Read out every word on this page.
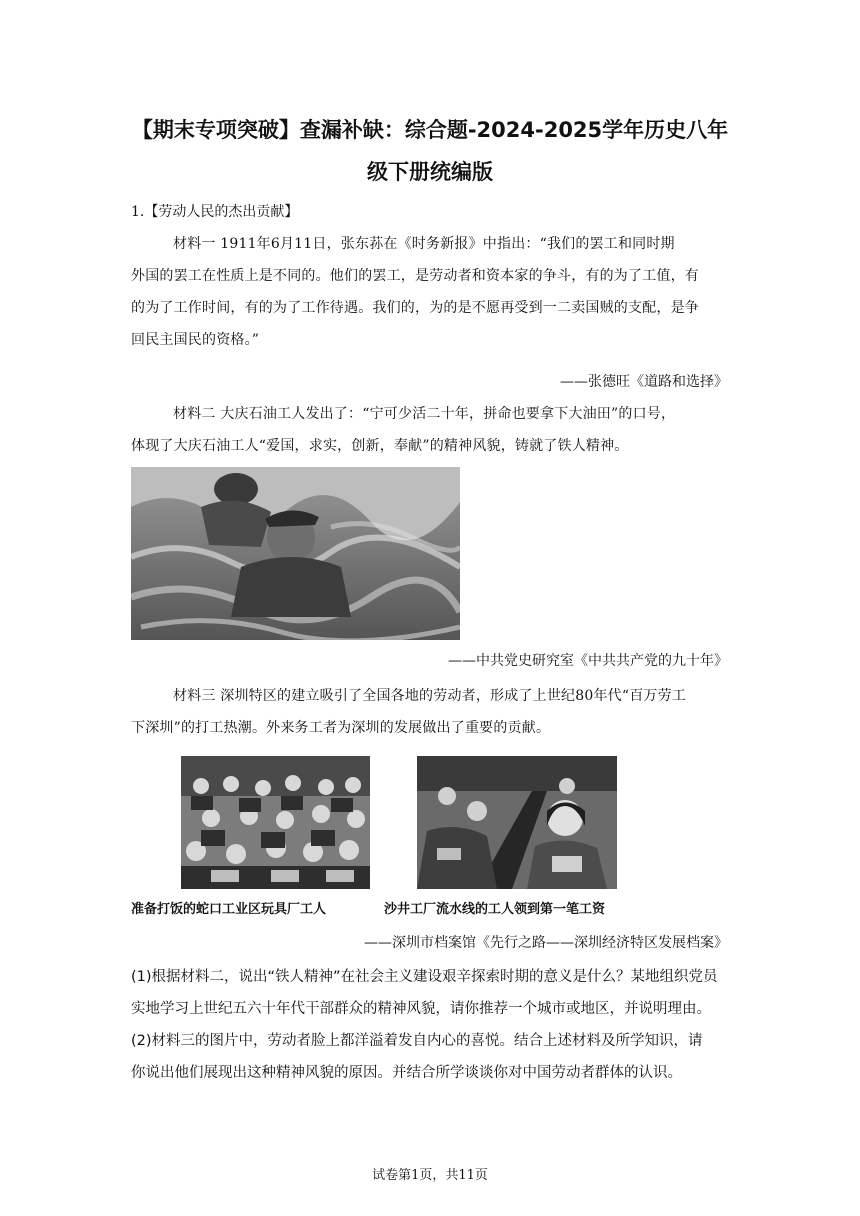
【期末专项突破】查漏补缺：综合题-2024-2025学年历史八年
级下册统编版
1.【劳动人民的杰出贡献】

材料一 1911年6月11日，张东荪在《时务新报》中指出：“我们的罢工和同时期

外国的罢工在性质上是不同的。他们的罢工，是劳动者和资本家的争斗，有的为了工值，有

的为了工作时间，有的为了工作待遇。我们的，为的是不愿再受到一二卖国贼的支配，是争

回民主国民的资格。”

——张德旺《道路和选择》

材料二 大庆石油工人发出了：“宁可少活二十年，拼命也要拿下大油田”的口号，

体现了大庆石油工人“爱国，求实，创新，奉献”的精神风貌，铸就了铁人精神。

——中共党史研究室《中共共产党的九十年》

材料三 深圳特区的建立吸引了全国各地的劳动者，形成了上世纪80年代“百万劳工

下深圳”的打工热潮。外来务工者为深圳的发展做出了重要的贡献。

准备打饭的蛇口工业区玩具厂工人	沙井工厂流水线的工人领到第一笔工资
——深圳市档案馆《先行之路——深圳经济特区发展档案》

(1)根据材料二，说出“铁人精神”在社会主义建设艰辛探索时期的意义是什么？某地组织党员

实地学习上世纪五六十年代干部群众的精神风貌，请你推荐一个城市或地区，并说明理由。

(2)材料三的图片中，劳动者脸上都洋溢着发自内心的喜悦。结合上述材料及所学知识，请

你说出他们展现出这种精神风貌的原因。并结合所学谈谈你对中国劳动者群体的认识。

试卷第1页，共11页
